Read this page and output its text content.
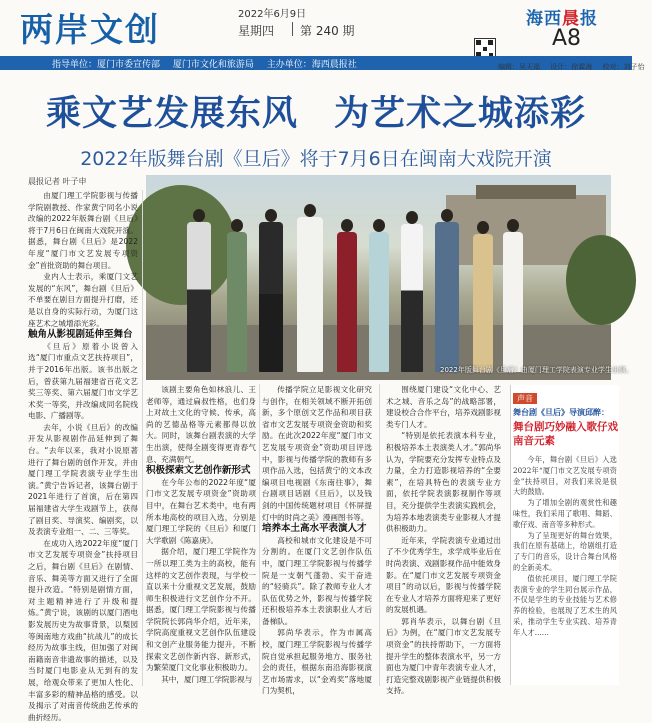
两岸文创	2022年6月9日
星期四 第 240 期
海西晨报
A8
指导单位：厦门市委宣传部 厦门市文化和旅游局 主办单位：海西晨报社	编辑：吴天福 设计：徐霖海 校对：刘子怡
乘文艺发展东风　为艺术之城添彩
2022年版舞台剧《旦后》将于7月6日在闽南大戏院开演
晨报记者 叶子申
2022年版舞台剧《旦后》由厦门理工学院表演专业学生出演。

由厦门理工学院影视与传播学院剧教授、作家黄宁同名小说改编的2022年版舞台剧《旦后》将于7月6日在闽南大戏院开演。据悉，舞台剧《旦后》是2022年度“厦门市文艺发展专项资金”首批资助的舞台项目。

业内人士表示，乘厦门文艺发展的“东风”，舞台剧《旦后》不单要在剧目方面提升打磨，还是以自身的实际行动，为厦门这座艺术之城增添光彩。

触角从影视剧延伸至舞台

《旦后》原着小说曾入选“厦门市重点文艺扶持项目”，并于2016年出版。该书出版之后，曾获第九届福建省百花文艺奖三等奖、第六届厦门市文学艺术奖一等奖，并改编成同名院线电影、广播剧等。

去年，小说《旦后》的改编开发从影视剧作品延伸到了舞台。“去年以来，我对小说原著进行了舞台剧的创作开发，并由厦门理工学院表演专业学生出演。”黄宁告诉记者，该舞台剧于2021年进行了首演，后在第四届福建省大学生戏剧节上，获得了剧目奖、导演奖、编剧奖，以及表演专业组一、二、三等奖。

在成功入选2022年度“厦门市文艺发展专项资金”扶持项目之后，舞台剧《旦后》在剧情、音乐、舞美等方面又进行了全面提升改造。“特别是剧情方面，对主题精神进行了升级和提炼。”黄宁说，该剧的以厦门酒电影发展历史为故事背景，以梨园等闽南地方戏曲“抗战儿”的成长经历为故事主线，但加强了对闽南籍南音非遗故事的描述，以及当时厦门电影业从无到有的发展，给观众带来了更加人性化、丰富多彩的精神品格的感受。以及揭示了对南音传统曲艺传承的曲折经历。

该剧主要角色如林浪儿、王老师等，通过扁叔性格，也们身上对故土文化的守候、传承，高尚的艺德品格等元素都得以放大。同时，该舞台剧表演的大学生出演，使得全剧变得更青春气息、充满朝气。

积极探索文艺创作新形式

在今年公布的2022年度“厦门市文艺发展专项资金”资助项目中，在舞台艺术类中，电有两所本地高校的项目入选，分别是厦门理工学院的《旦后》和厦门大学歌剧《陈嘉庚》。

据介绍，厦门理工学院作为一所以理工类为主的高校，能有这样的文艺创作表现，与学校一直以来十分重视文艺发展，鼓励师生积极进行文艺创作分不开。据悉，厦门理工学院影视与传播学院院长郭尚华介绍，近年来，学院高度重视文艺创作队伍建设和文创产业服务能力提升，不断探索文艺创作新内容、新形式，为繁荣厦门文化事业积极助力。

其中，厦门理工学院影视与

传播学院立足影视文化研究与创作，在相关领域不断开拓创新，多个原创文艺作品和项目获省市文艺发展专项资金资助和奖励。在此次2022年度“厦门市文艺发展专项资金”资助项目评选中，影视与传播学院的教师有多项作品入选，包括黄宁的文本改编项目电视剧《东南往事》，舞台剧项目话剧《旦后》，以及钱剑的中国传统题材项目《怀屏提灯中的时尚之美》漫画图书等。

培养本土高水平表演人才

高校和城市文化建设是不可分割的。在厦门文艺创作队伍中，厦门理工学院影视与传播学院是一支朝气蓬勃、实干奋进的“轻骑兵”。除了教师专业人才队伍优势之外，影视与传播学院还积极培养本土表演职业人才后备梯队。

郭尚华表示，作为市属高校，厦门理工学院影视与传播学院自觉承担起服务地方、服务社会的责任，根据东南沿海影视演艺市场需求，以“金鸡奖”落地厦门为契机，

围绕厦门建设“文化中心、艺术之城、音乐之岛”的战略部署，建设校合合作平台，培养戏剧影视类专门人才。

“特别是依托表演本科专业，积极培养本土表演类人才。”郭尚华认为，学院要充分发挥专业特点及力量，全力打造影视培养的“全要素”，在培具特色的表演专业方面，依托学院表演影视制作等项目，充分提供学生表演实践机会，为培养本地表演类专业影视人才提供积极助力。

近年来，学院表演专业通过出了不少优秀学生，求学成毕业后在时尚表演、戏剧影视作品中能效身影。在“厦门市文艺发展专项资金项目”的动以后，影视与传播学院在专业人才培养方面将迎来了更好的发展机遇。

郭肖华表示，以舞台剧《旦后》为例，在“厦门市文艺发展专项资金”的扶持帮助下，一方面将提升学生的整体表演水平，另一方面也为厦门中青年表演专业人才，打造完整戏剧影视产业链提供积极支持。

声音
舞台剧《旦后》导演邱醉：
舞台剧巧妙融入歌仔戏南音元素

今年，舞台剧《旦后》入选2022年“厦门市文艺发展专项资金”扶持项目，对我们来说是很大的鼓励。

为了增加全剧的观赏性和趣味性，我们采用了歌唱、舞蹈、歌仔戏、南音等多种形式。

为了呈现更好的舞台效果，我们在原有基础上，给剧组打造了专门的音乐，设计合舞台风格的全新美术。

值依托项目，厦门理工学院表演专业的学生同台展示作品，不仅是学生的专业技能与艺术修养的检验，也展现了艺术生的风采，推动学生专业实践、培养青年人才……
